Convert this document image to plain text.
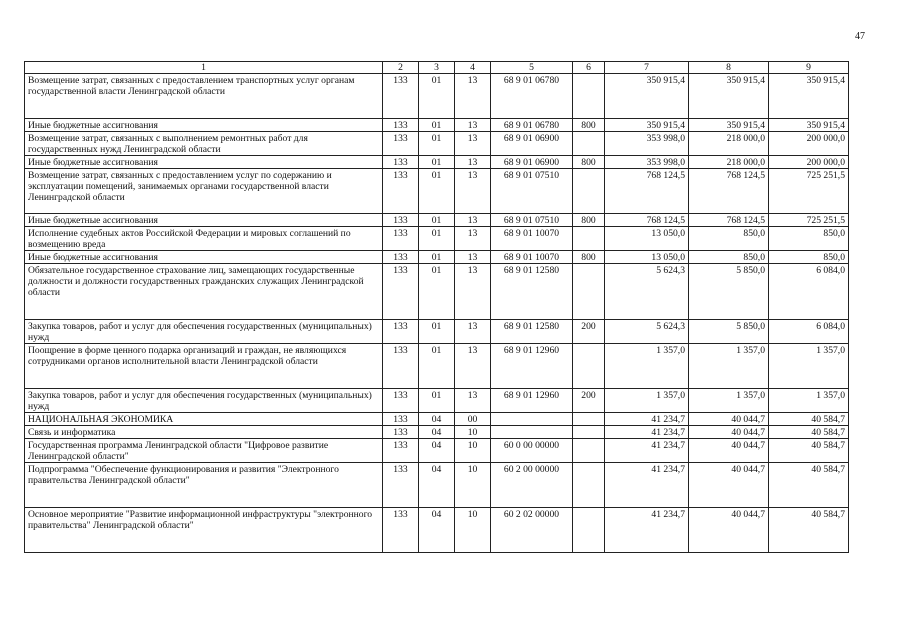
47
1	2	3	4	5	6	7	8	9
Возмещение затрат, связанных с предоставлением транспортных услуг органам государственной власти Ленинградской области	133	01	13	68 9 01 06780		350 915,4	350 915,4	350 915,4
Иные бюджетные ассигнования	133	01	13	68 9 01 06780	800	350 915,4	350 915,4	350 915,4
Возмещение затрат, связанных с выполнением ремонтных работ для государственных нужд Ленинградской области	133	01	13	68 9 01 06900		353 998,0	218 000,0	200 000,0
Иные бюджетные ассигнования	133	01	13	68 9 01 06900	800	353 998,0	218 000,0	200 000,0
Возмещение затрат, связанных с предоставлением услуг по содержанию и эксплуатации помещений, занимаемых органами государственной власти Ленинградской области	133	01	13	68 9 01 07510		768 124,5	768 124,5	725 251,5
Иные бюджетные ассигнования	133	01	13	68 9 01 07510	800	768 124,5	768 124,5	725 251,5
Исполнение судебных актов Российской Федерации и мировых соглашений по возмещению вреда	133	01	13	68 9 01 10070		13 050,0	850,0	850,0
Иные бюджетные ассигнования	133	01	13	68 9 01 10070	800	13 050,0	850,0	850,0
Обязательное государственное страхование лиц, замещающих государственные должности и должности государственных гражданских служащих Ленинградской области	133	01	13	68 9 01 12580		5 624,3	5 850,0	6 084,0
Закупка товаров, работ и услуг для обеспечения государственных (муниципальных) нужд	133	01	13	68 9 01 12580	200	5 624,3	5 850,0	6 084,0
Поощрение в форме ценного подарка организаций и граждан, не являющихся сотрудниками органов исполнительной власти Ленинградской области	133	01	13	68 9 01 12960		1 357,0	1 357,0	1 357,0
Закупка товаров, работ и услуг для обеспечения государственных (муниципальных) нужд	133	01	13	68 9 01 12960	200	1 357,0	1 357,0	1 357,0
НАЦИОНАЛЬНАЯ ЭКОНОМИКА	133	04	00			41 234,7	40 044,7	40 584,7
Связь и информатика	133	04	10			41 234,7	40 044,7	40 584,7
Государственная программа Ленинградской области "Цифровое развитие Ленинградской области"	133	04	10	60 0 00 00000		41 234,7	40 044,7	40 584,7
Подпрограмма "Обеспечение функционирования и развития "Электронного правительства Ленинградской области"	133	04	10	60 2 00 00000		41 234,7	40 044,7	40 584,7
Основное мероприятие "Развитие информационной инфраструктуры "электронного правительства" Ленинградской области"	133	04	10	60 2 02 00000		41 234,7	40 044,7	40 584,7
